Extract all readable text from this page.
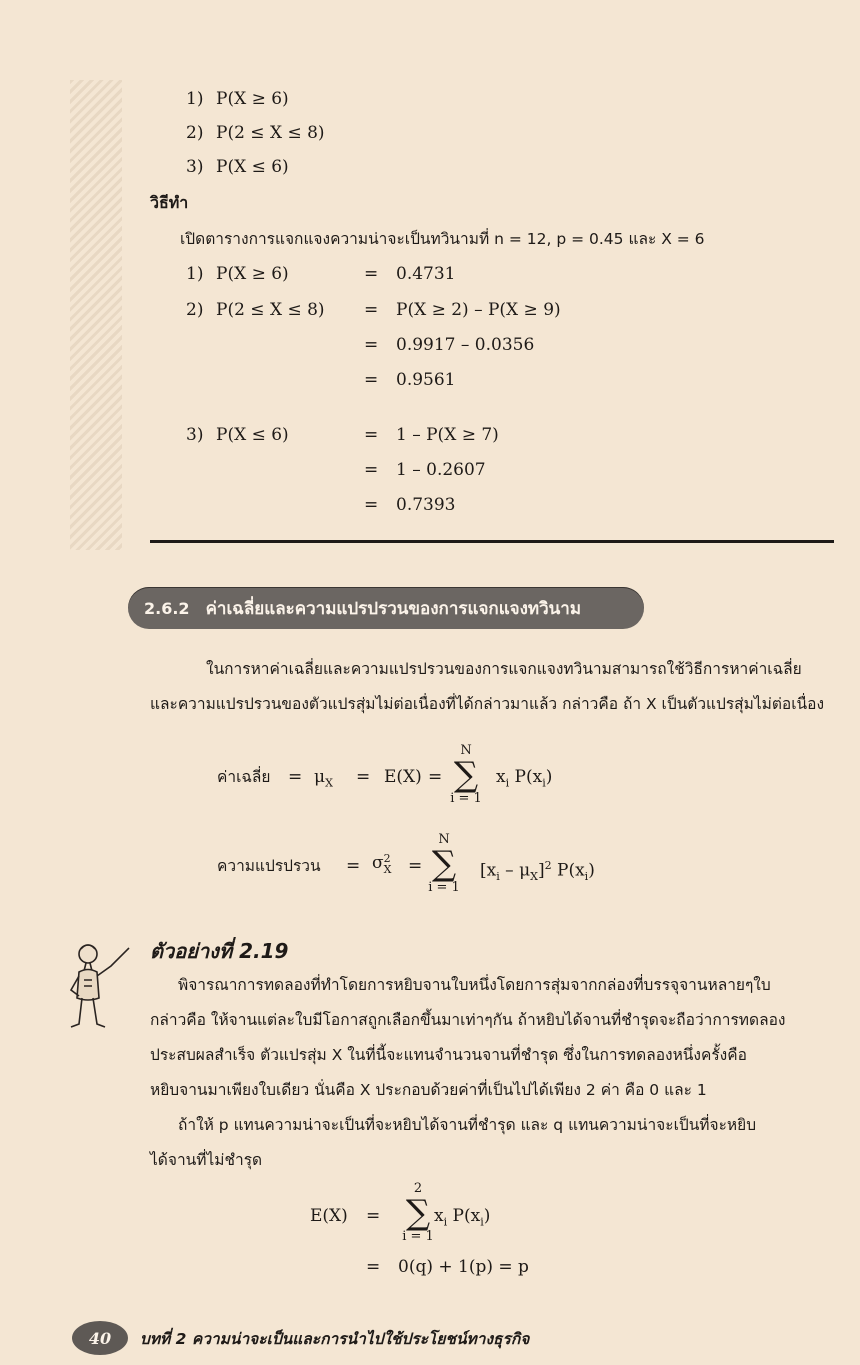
1) P(X ≥ 6)
2) P(2 ≤ X ≤ 8)
3) P(X ≤ 6)
วิธีทำ
เปิดตารางการแจกแจงความน่าจะเป็นทวินามที่ n = 12, p = 0.45 และ X = 6
1) P(X ≥ 6)	= 0.4731
2) P(2 ≤ X ≤ 8) = P(X ≥ 2) – P(X ≥ 9)
= 0.9917 – 0.0356
= 0.9561
3) P(X ≤ 6)	= 1 – P(X ≥ 7)
= 1 – 0.2607
= 0.7393
2.6.2 ค่าเฉลี่ยและความแปรปรวนของการแจกแจงทวินาม
ในการหาค่าเฉลี่ยและความแปรปรวนของการแจกแจงทวินามสามารถใช้วิธีการหาค่าเฉลี่ย
และความแปรปรวนของตัวแปรสุ่มไม่ต่อเนื่องที่ได้กล่าวมาแล้ว กล่าวคือ ถ้า X เป็นตัวแปรสุ่มไม่ต่อเนื่อง
ค่าเฉลี่ย = $\mu_X = E(X)$ =
N
∑
i = 1
$x_i$ $P(x_i)$
ความแปรปรวน = σ 2
X =
N
∑
i = 1
$[x_i - \mu_X]^2$ $P(x_i)$
ตัวอย่างที่ 2.19
พิจารณาการทดลองที่ทำโดยการหยิบจานใบหนึ่งโดยการสุ่มจากกล่องที่บรรจุจานหลายๆใบ
กล่าวคือ ให้จานแต่ละใบมีโอกาสถูกเลือกขึ้นมาเท่าๆกัน ถ้าหยิบได้จานที่ชำรุดจะถือว่าการทดลอง
ประสบผลสำเร็จ ตัวแปรสุ่ม X ในที่นี้จะแทนจำนวนจานที่ชำรุด ซึ่งในการทดลองหนึ่งครั้งคือ
หยิบจานมาเพียงใบเดียว นั่นคือ X ประกอบด้วยค่าที่เป็นไปได้เพียง 2 ค่า คือ 0 และ 1
ถ้าให้ p แทนความน่าจะเป็นที่จะหยิบได้จานที่ชำรุด และ q แทนความน่าจะเป็นที่จะหยิบ
ได้จานที่ไม่ชำรุด
E(X) =
2
∑
i = 1
$x_i$ $P(x_i)$
= 0(q) + 1(p) = p
40	บทที่ 2 ความน่าจะเป็นและการนำไปใช้ประโยชน์ทางธุรกิจ
